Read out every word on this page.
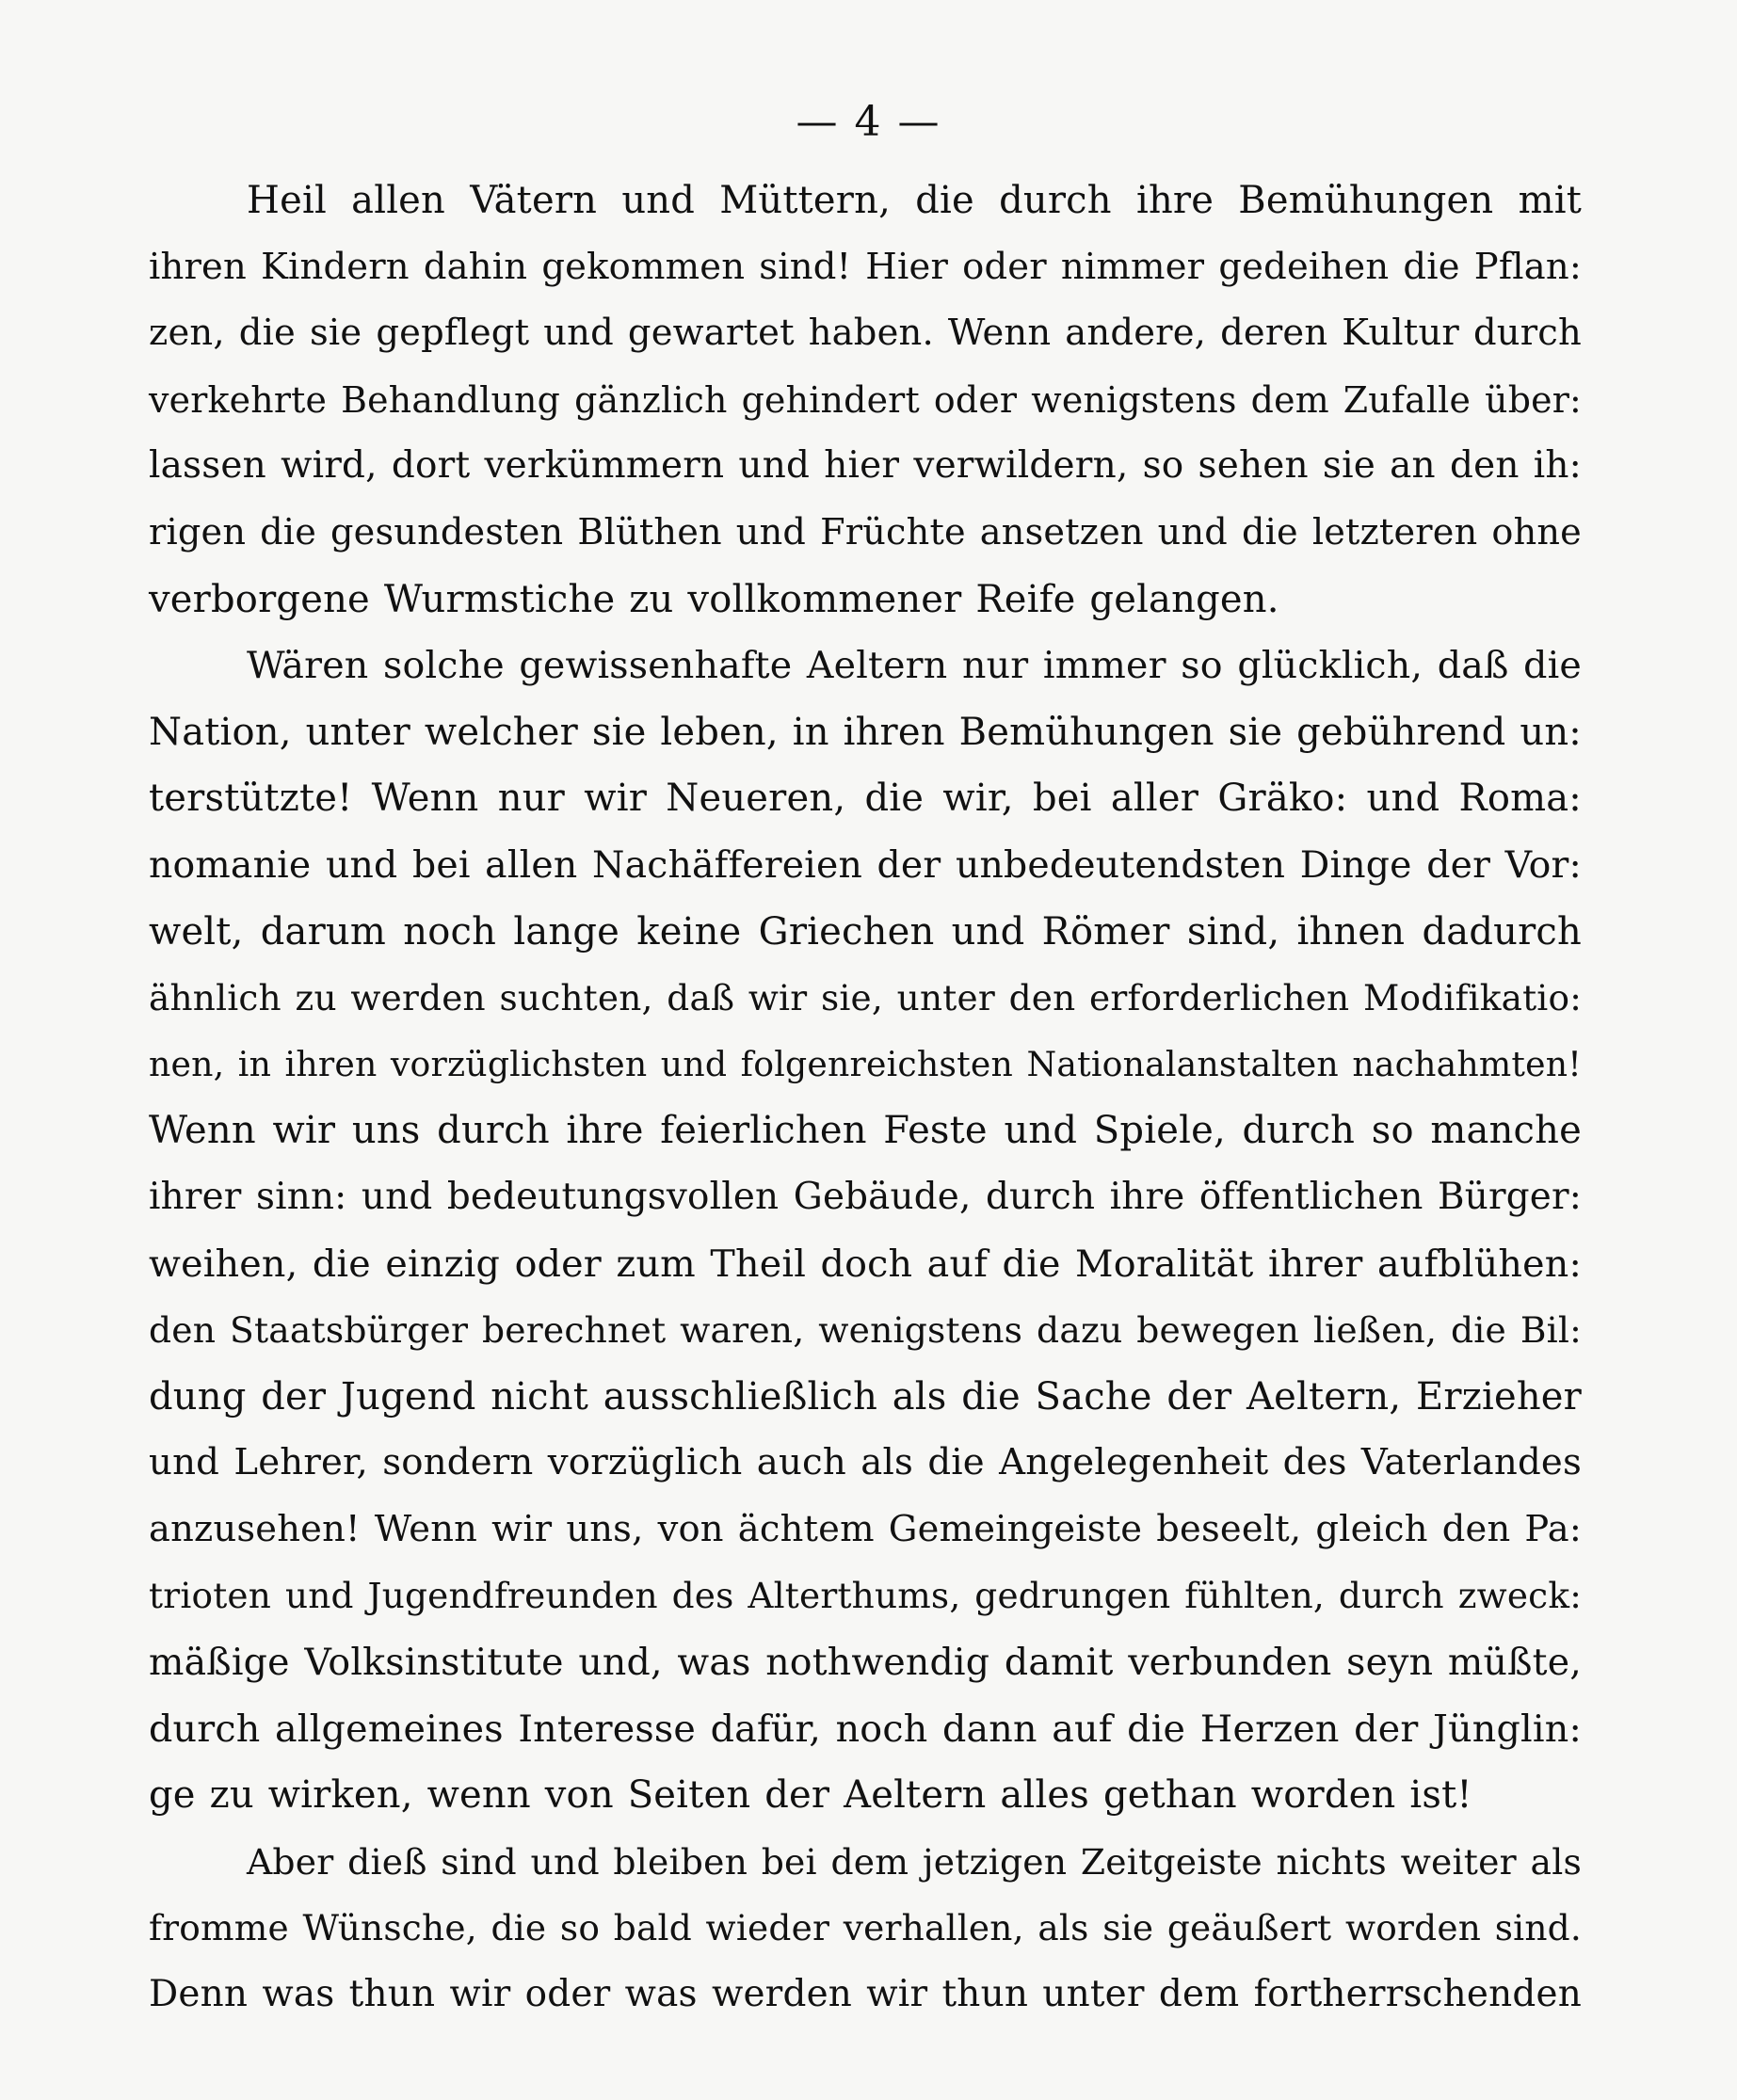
— 4 —
Heil allen Vätern und Müttern, die durch ihre Bemühungen mit
ihren Kindern dahin gekommen sind! Hier oder nimmer gedeihen die Pflan:
zen, die sie gepflegt und gewartet haben. Wenn andere, deren Kultur durch
verkehrte Behandlung gänzlich gehindert oder wenigstens dem Zufalle über:
lassen wird, dort verkümmern und hier verwildern, so sehen sie an den ih:
rigen die gesundesten Blüthen und Früchte ansetzen und die letzteren ohne
verborgene Wurmstiche zu vollkommener Reife gelangen.
Wären solche gewissenhafte Aeltern nur immer so glücklich, daß die
Nation, unter welcher sie leben, in ihren Bemühungen sie gebührend un:
terstützte! Wenn nur wir Neueren, die wir, bei aller Gräko: und Roma:
nomanie und bei allen Nachäffereien der unbedeutendsten Dinge der Vor:
welt, darum noch lange keine Griechen und Römer sind, ihnen dadurch
ähnlich zu werden suchten, daß wir sie, unter den erforderlichen Modifikatio:
nen, in ihren vorzüglichsten und folgenreichsten Nationalanstalten nachahmten!
Wenn wir uns durch ihre feierlichen Feste und Spiele, durch so manche
ihrer sinn: und bedeutungsvollen Gebäude, durch ihre öffentlichen Bürger:
weihen, die einzig oder zum Theil doch auf die Moralität ihrer aufblühen:
den Staatsbürger berechnet waren, wenigstens dazu bewegen ließen, die Bil:
dung der Jugend nicht ausschließlich als die Sache der Aeltern, Erzieher
und Lehrer, sondern vorzüglich auch als die Angelegenheit des Vaterlandes
anzusehen! Wenn wir uns, von ächtem Gemeingeiste beseelt, gleich den Pa:
trioten und Jugendfreunden des Alterthums, gedrungen fühlten, durch zweck:
mäßige Volksinstitute und, was nothwendig damit verbunden seyn müßte,
durch allgemeines Interesse dafür, noch dann auf die Herzen der Jünglin:
ge zu wirken, wenn von Seiten der Aeltern alles gethan worden ist!
Aber dieß sind und bleiben bei dem jetzigen Zeitgeiste nichts weiter als
fromme Wünsche, die so bald wieder verhallen, als sie geäußert worden sind.
Denn was thun wir oder was werden wir thun unter dem fortherrschenden
